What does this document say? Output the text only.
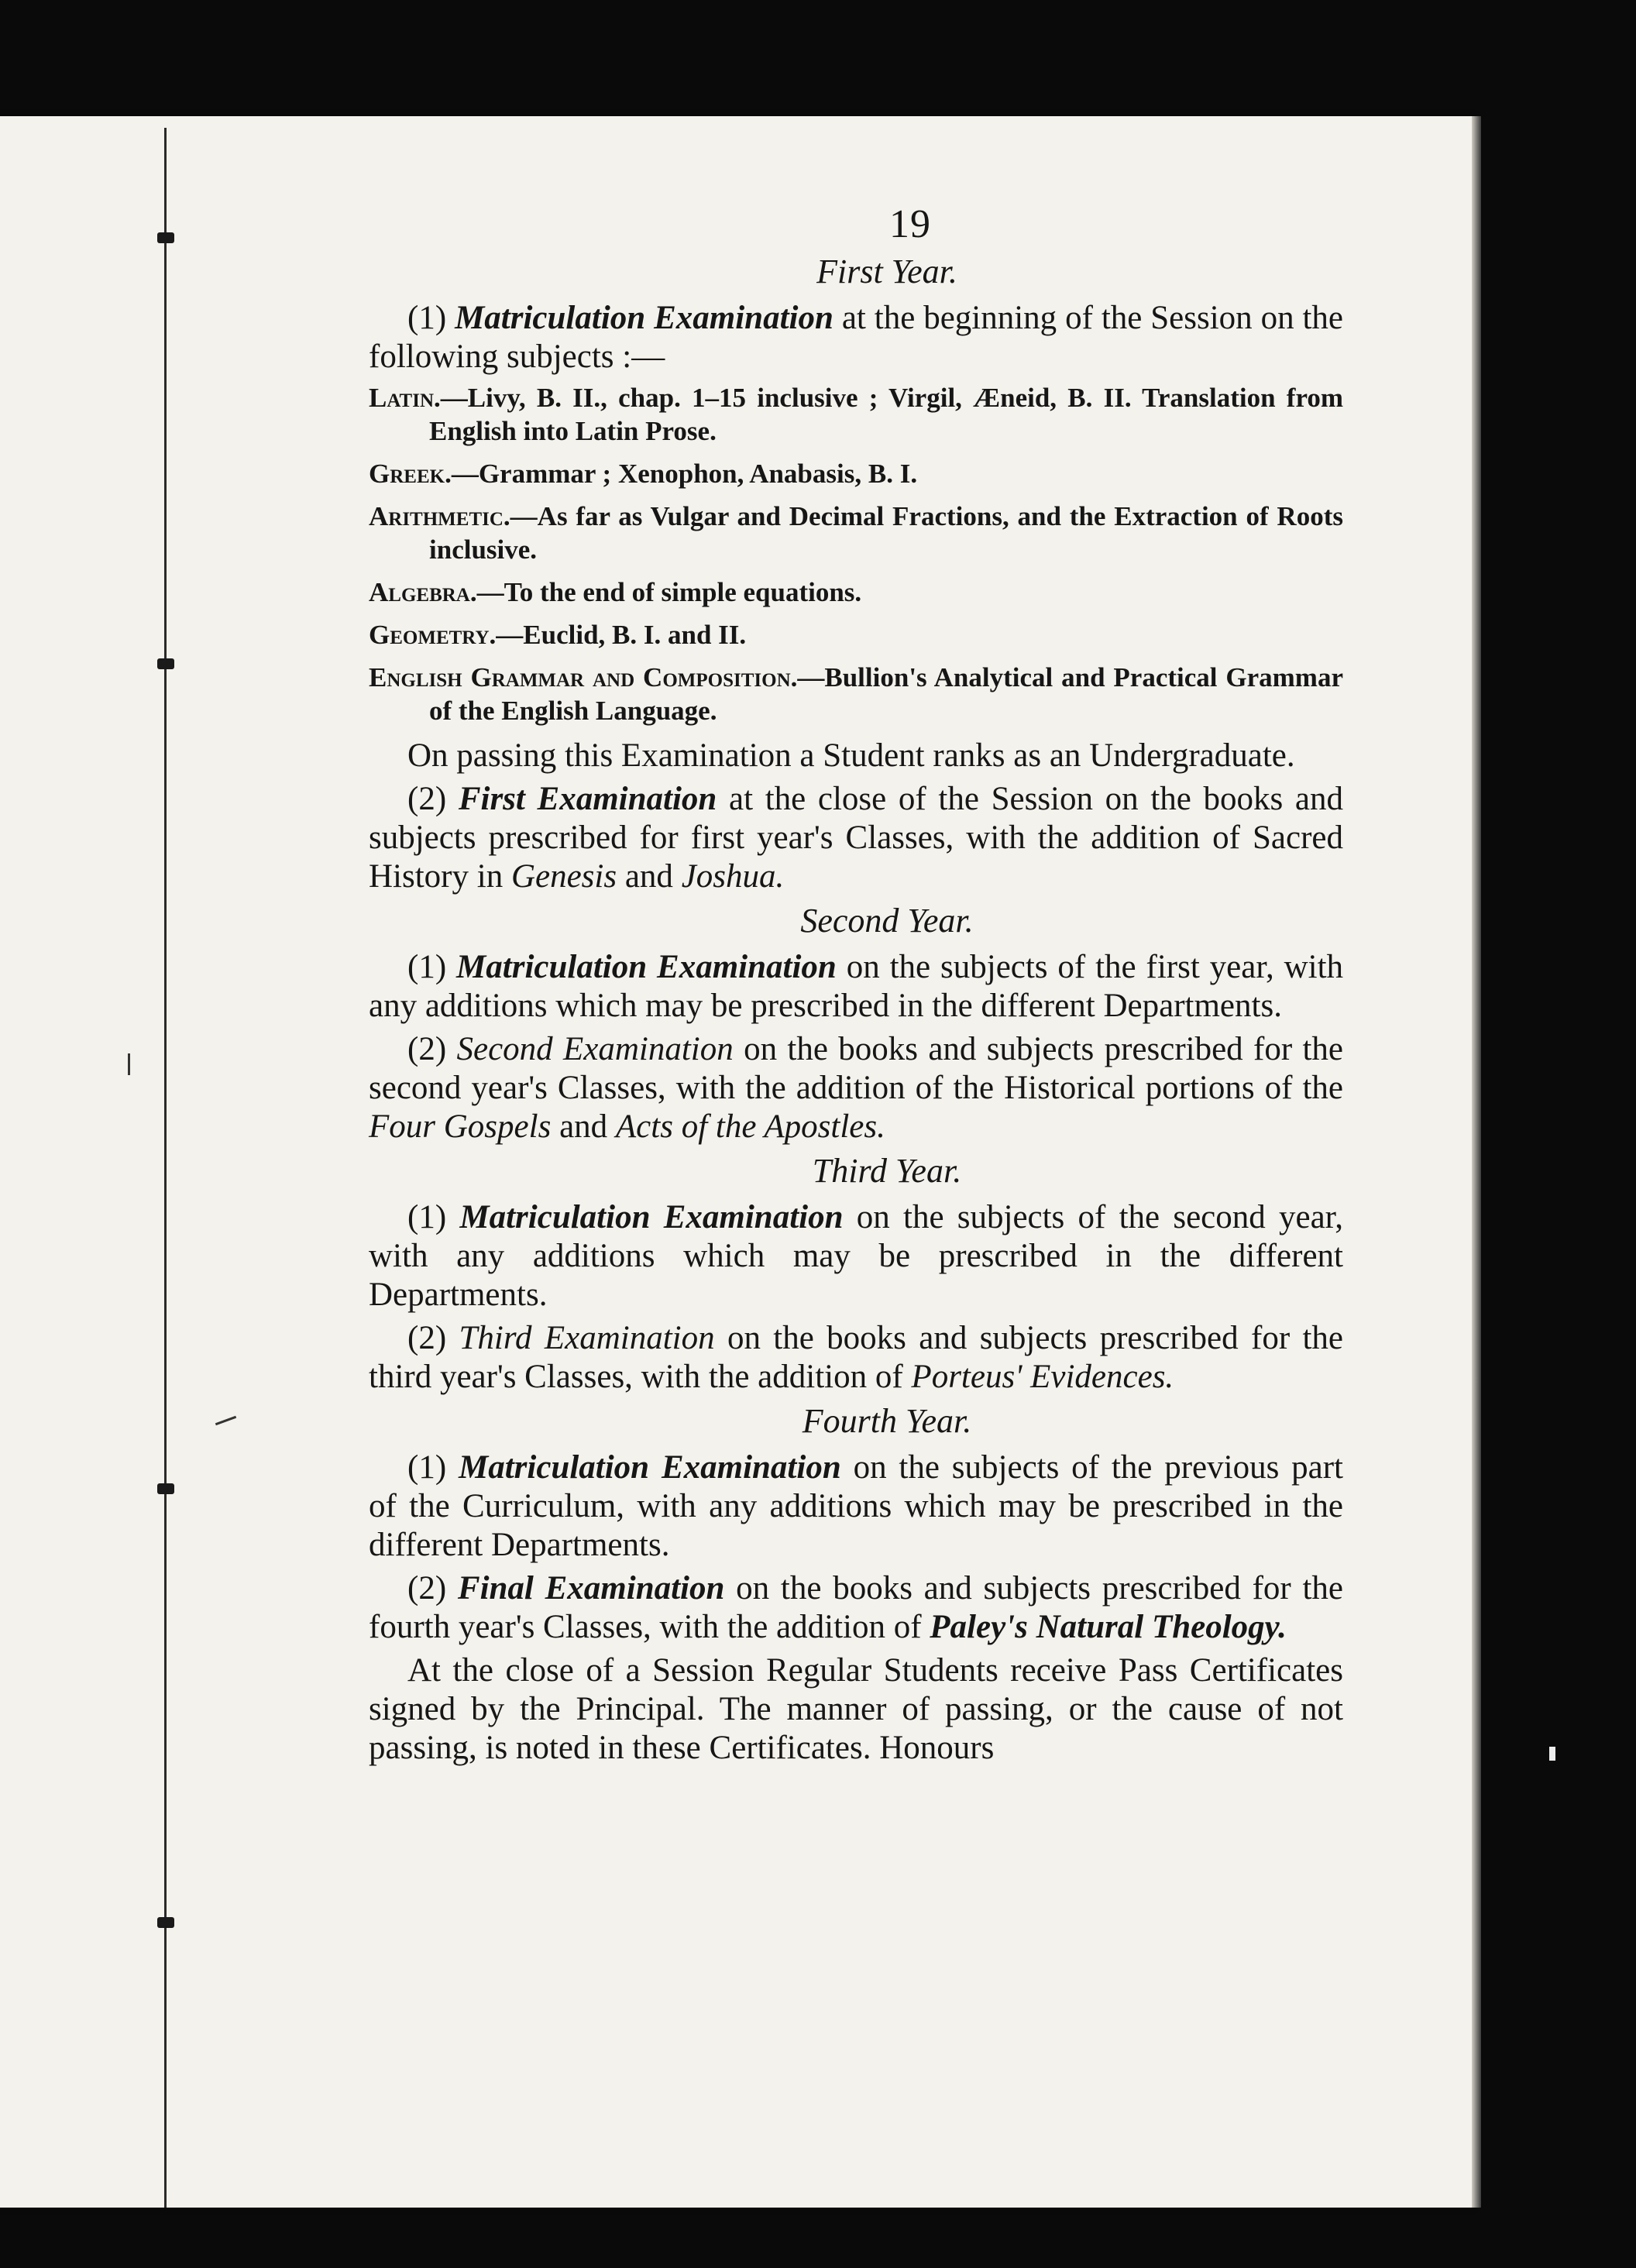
19
First Year.

(1) Matriculation Examination at the beginning of the Session on the following subjects :—

Latin.—Livy, B. II., chap. 1–15 inclusive ; Virgil, Æneid, B. II. Translation from English into Latin Prose.

Greek.—Grammar ; Xenophon, Anabasis, B. I.

Arithmetic.—As far as Vulgar and Decimal Fractions, and the Extraction of Roots inclusive.

Algebra.—To the end of simple equations.

Geometry.—Euclid, B. I. and II.

English Grammar and Composition.—Bullion's Analytical and Practical Grammar of the English Language.

On passing this Examination a Student ranks as an Undergraduate.

(2) First Examination at the close of the Session on the books and subjects prescribed for first year's Classes, with the addition of Sacred History in Genesis and Joshua.

Second Year.

(1) Matriculation Examination on the subjects of the first year, with any additions which may be prescribed in the different Departments.

(2) Second Examination on the books and subjects prescribed for the second year's Classes, with the addition of the Historical portions of the Four Gospels and Acts of the Apostles.

Third Year.

(1) Matriculation Examination on the subjects of the second year, with any additions which may be prescribed in the different Departments.

(2) Third Examination on the books and subjects prescribed for the third year's Classes, with the addition of Porteus' Evidences.

Fourth Year.

(1) Matriculation Examination on the subjects of the previous part of the Curriculum, with any additions which may be prescribed in the different Departments.

(2) Final Examination on the books and subjects prescribed for the fourth year's Classes, with the addition of Paley's Natural Theology.

At the close of a Session Regular Students receive Pass Certificates signed by the Principal. The manner of passing, or the cause of not passing, is noted in these Certificates. Honours
